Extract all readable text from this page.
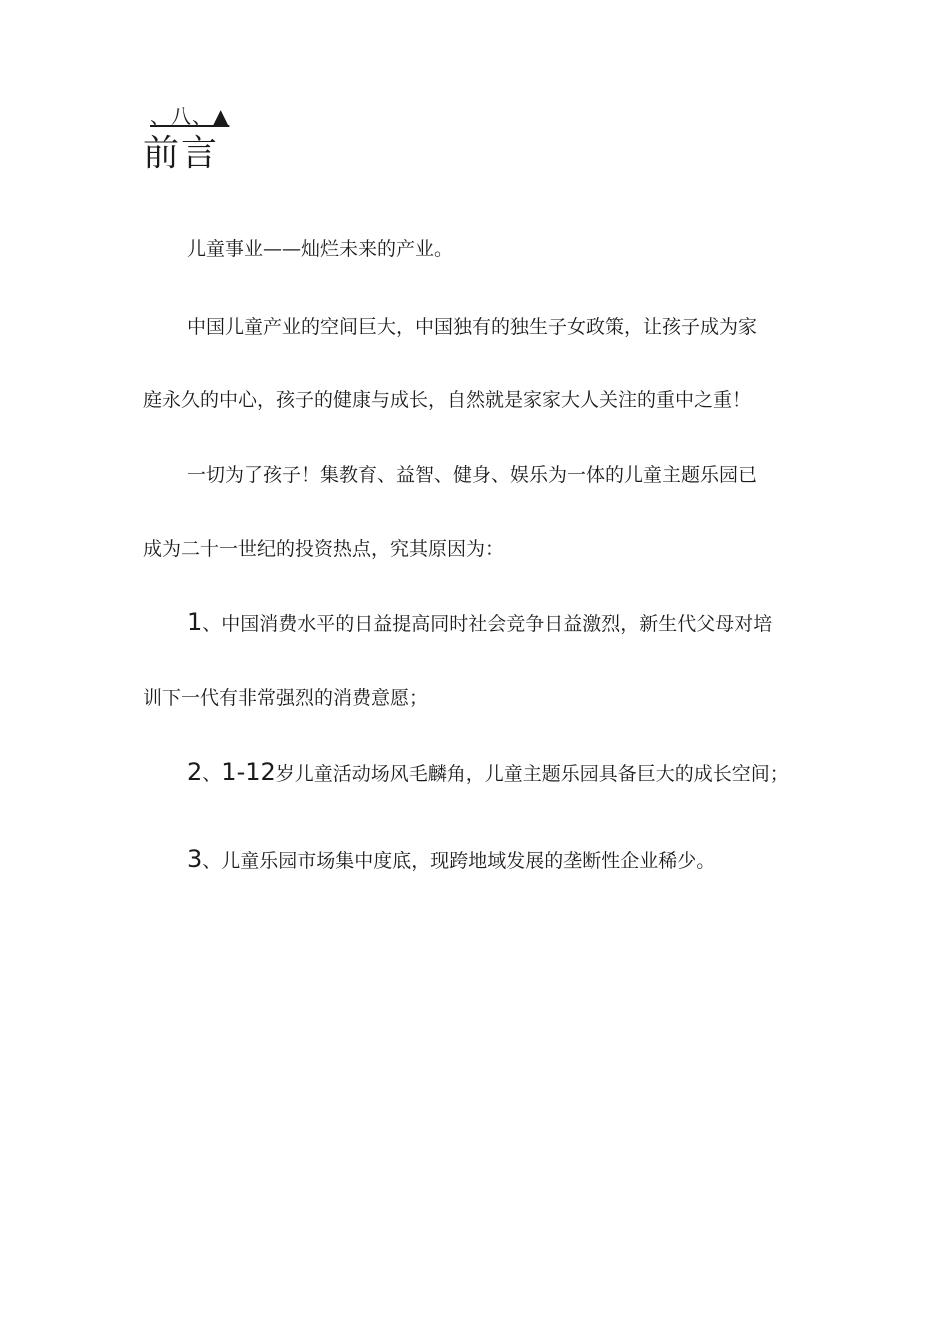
、八、▲
前言
儿童事业——灿烂未来的产业。
中国儿童产业的空间巨大，中国独有的独生子女政策，让孩子成为家
庭永久的中心，孩子的健康与成长，自然就是家家大人关注的重中之重！
一切为了孩子！集教育、益智、健身、娱乐为一体的儿童主题乐园已
成为二十一世纪的投资热点，究其原因为：
1、中国消费水平的日益提高同时社会竞争日益激烈，新生代父母对培
训下一代有非常强烈的消费意愿；
2、1-12岁儿童活动场风毛麟角，儿童主题乐园具备巨大的成长空间；
3、儿童乐园市场集中度底，现跨地域发展的垄断性企业稀少。
